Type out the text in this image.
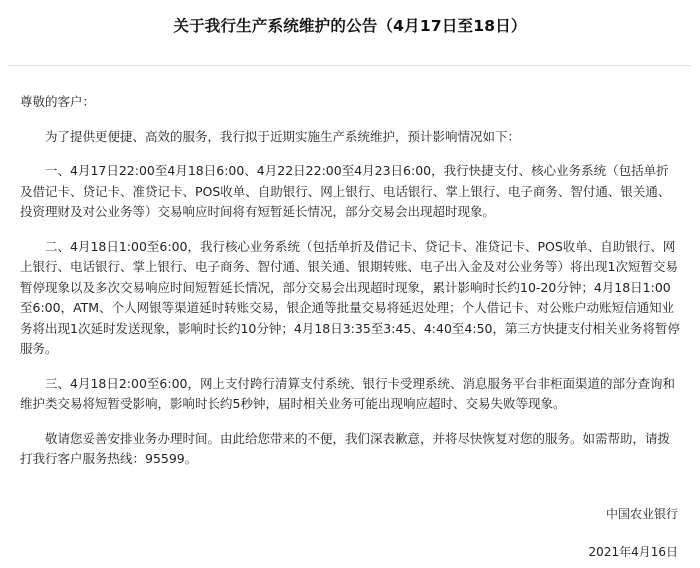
关于我行生产系统维护的公告（4月17日至18日）

尊敬的客户：

为了提供更便捷、高效的服务，我行拟于近期实施生产系统维护，预计影响情况如下：

一、4月17日22:00至4月18日6:00、4月22日22:00至4月23日6:00，我行快捷支付、核心业务系统（包括单折及借记卡、贷记卡、准贷记卡、POS收单、自助银行、网上银行、电话银行、掌上银行、电子商务、智付通、银关通、投资理财及对公业务等）交易响应时间将有短暂延长情况，部分交易会出现超时现象。

二、4月18日1:00至6:00，我行核心业务系统（包括单折及借记卡、贷记卡、准贷记卡、POS收单、自助银行、网上银行、电话银行、掌上银行、电子商务、智付通、银关通、银期转账、电子出入金及对公业务等）将出现1次短暂交易暂停现象以及多次交易响应时间短暂延长情况，部分交易会出现超时现象，累计影响时长约10-20分钟；4月18日1:00至6:00，ATM、个人网银等渠道延时转账交易，银企通等批量交易将延迟处理；个人借记卡、对公账户动账短信通知业务将出现1次延时发送现象，影响时长约10分钟；4月18日3:35至3:45、4:40至4:50，第三方快捷支付相关业务将暂停服务。

三、4月18日2:00至6:00，网上支付跨行清算支付系统、银行卡受理系统、消息服务平台非柜面渠道的部分查询和维护类交易将短暂受影响，影响时长约5秒钟，届时相关业务可能出现响应超时、交易失败等现象。

敬请您妥善安排业务办理时间。由此给您带来的不便，我们深表歉意，并将尽快恢复对您的服务。如需帮助，请拨打我行客户服务热线：95599。

中国农业银行
2021年4月16日
